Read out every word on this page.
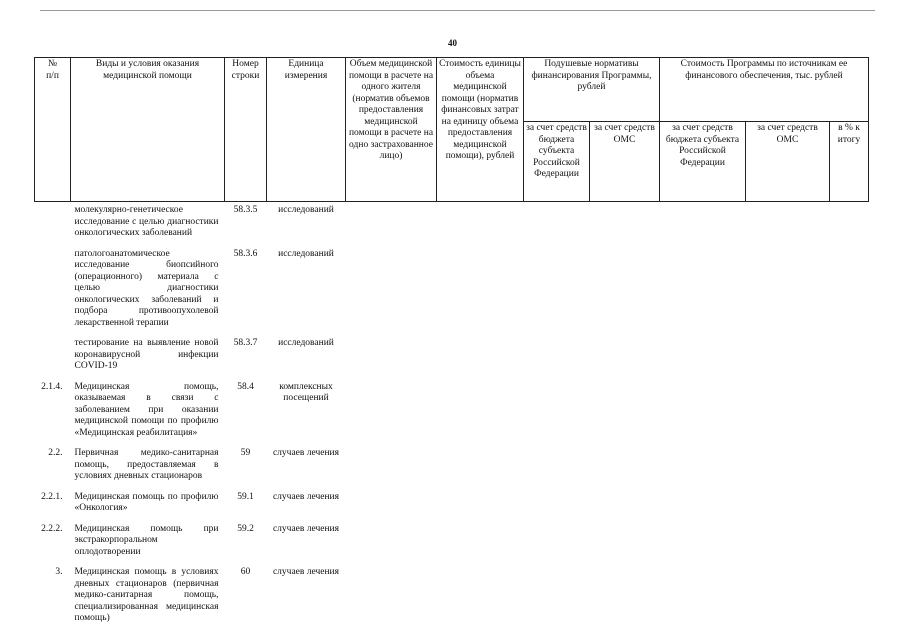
40
№
п/п	Виды и условия оказания медицинской помощи	Номер строки	Единица измерения	Объем медицинской помощи в расчете на одного жителя (норматив объемов предоставления медицинской помощи в расчете на одно застрахованное лицо)	Стоимость единицы объема медицинской помощи (норматив финансовых затрат на единицу объема предоставления медицинской помощи), рублей	Подушевые нормативы финансирования Программы, рублей		Стоимость Программы по источникам ее финансового обеспечения, тыс. рублей		
						за счет средств бюджета субъекта Российской Федерации	за счет средств ОМС	за счет средств бюджета субъекта Российской Федерации	за счет средств ОМС	в % к итогу
	молекулярно-генетическое исследование с целью диагностики онкологических заболеваний	58.3.5	исследований							
	патологоанатомическое исследование биопсийного (операционного) материала с целью диагностики онкологических заболеваний и подбора противоопухолевой лекарственной терапии	58.3.6	исследований							
	тестирование на выявление новой коронавирусной инфекции COVID-19	58.3.7	исследований							
2.1.4.	Медицинская помощь, оказываемая в связи с заболеванием при оказании медицинской помощи по профилю «Медицинская реабилитация»	58.4	комплексных посещений							
2.2.	Первичная медико-санитарная помощь, предоставляемая в условиях дневных стационаров	59	случаев лечения							
2.2.1.	Медицинская помощь по профилю «Онкология»	59.1	случаев лечения							
2.2.2.	Медицинская помощь при экстракорпоральном оплодотворении	59.2	случаев лечения							
3.	Медицинская помощь в условиях дневных стационаров (первичная медико-санитарная помощь, специализированная медицинская помощь)	60	случаев лечения							
